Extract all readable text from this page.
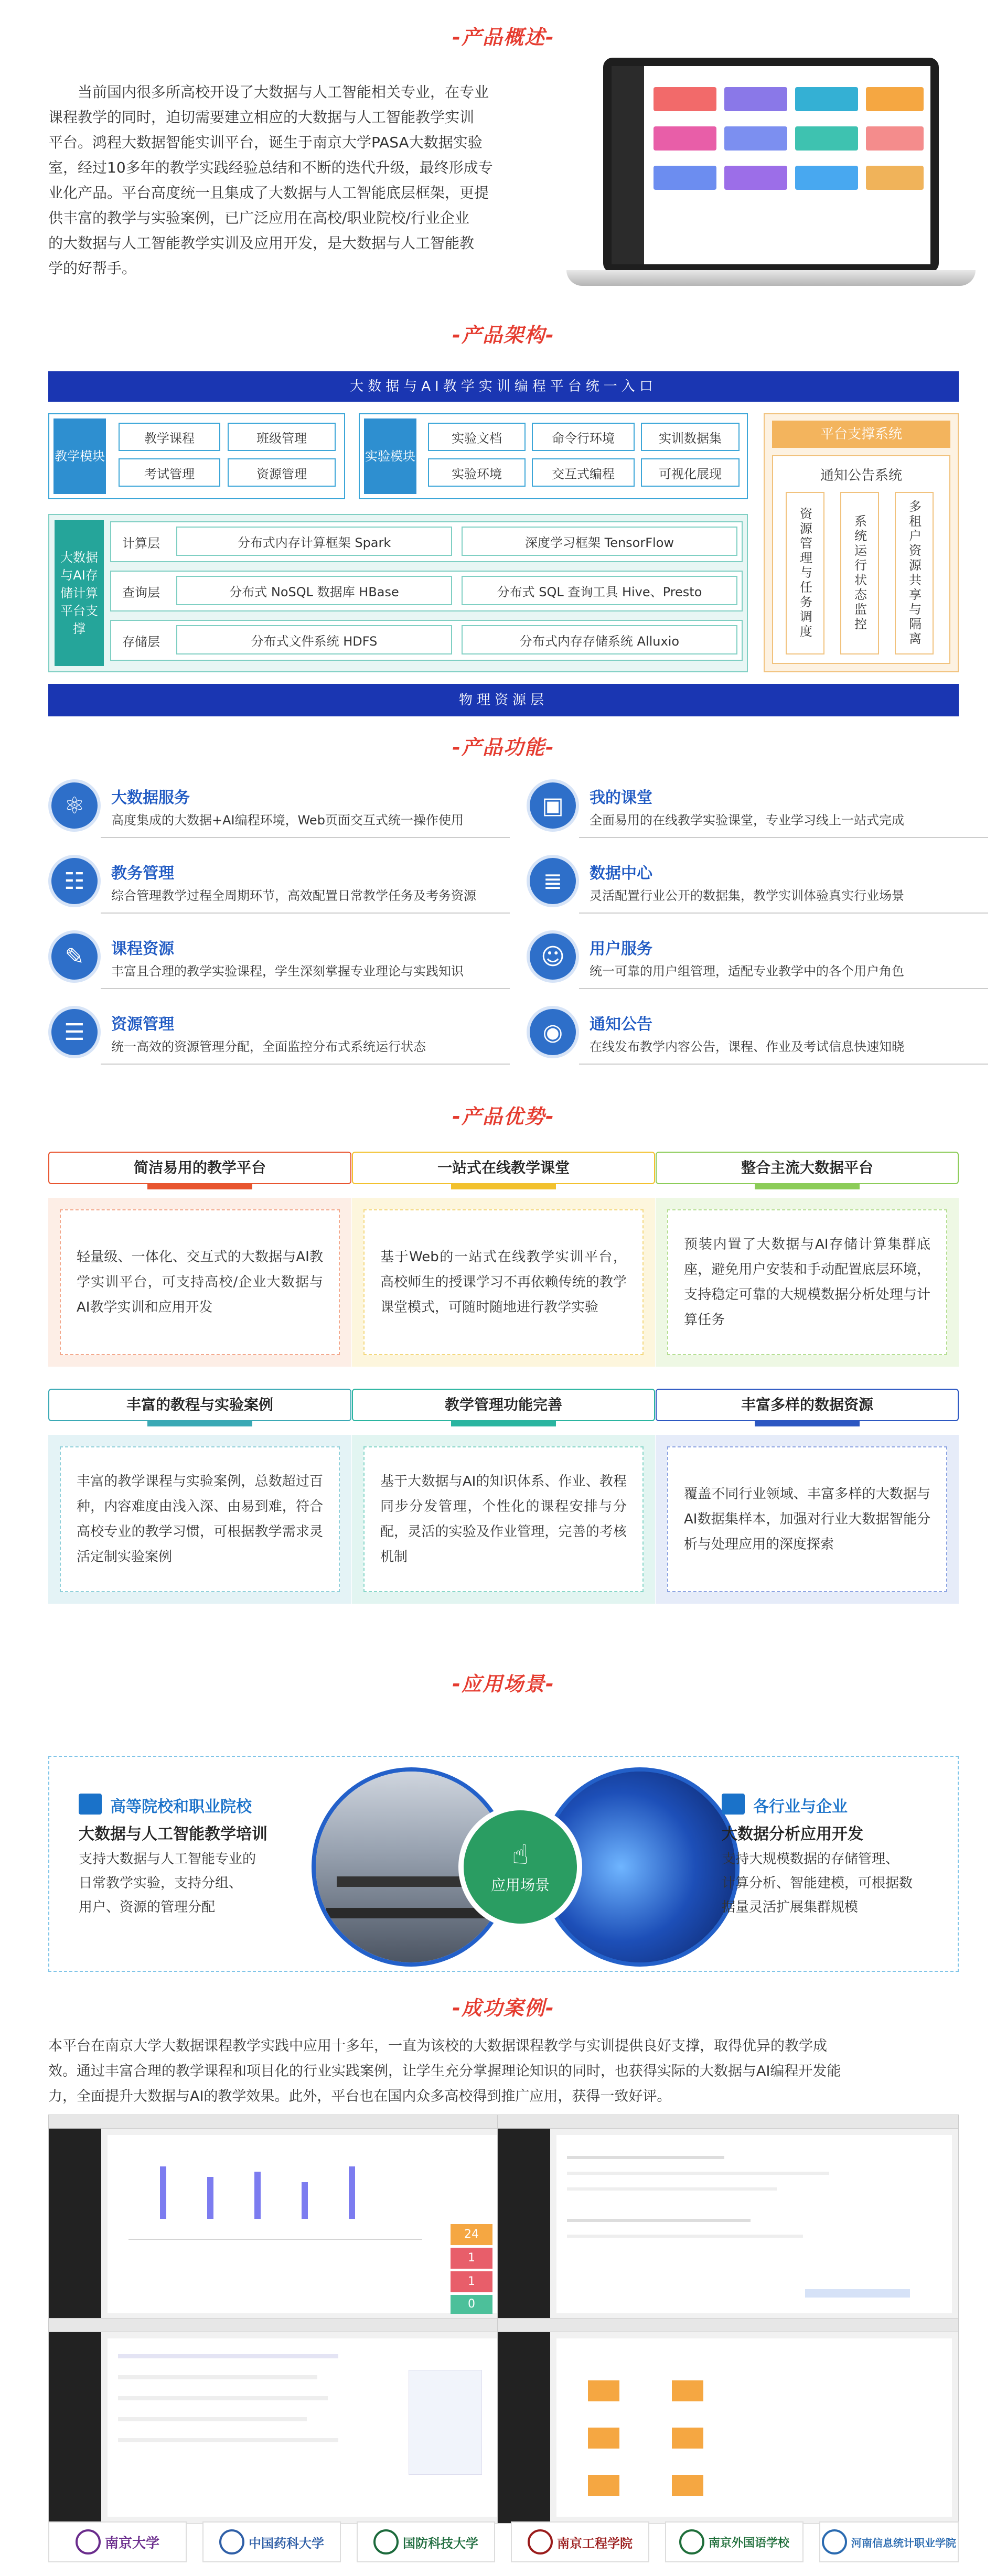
-产品概述-
-产品架构-
-产品功能-
-产品优势-
-应用场景-
-成功案例-
当前国内很多所高校开设了大数据与人工智能相关专业，在专业
课程教学的同时，迫切需要建立相应的大数据与人工智能教学实训
平台。鸿程大数据智能实训平台，诞生于南京大学PASA大数据实验
室，经过10多年的教学实践经验总结和不断的迭代升级，最终形成专
业化产品。平台高度统一且集成了大数据与人工智能底层框架，更提
供丰富的教学与实验案例，已广泛应用在高校/职业院校/行业企业
的大数据与人工智能教学实训及应用开发，是大数据与人工智能教
学的好帮手。
大数据与AI教学实训编程平台统一入口
教学模块
教学课程	班级管理
考试管理	资源管理
实验模块
实验文档	命令行环境	实训数据集
实验环境	交互式编程	可视化展现
大数据与AI存储计算平台支撑
计算层	分布式内存计算框架 Spark	深度学习框架 TensorFlow
查询层	分布式 NoSQL 数据库 HBase	分布式 SQL 查询工具 Hive、Presto
存储层	分布式文件系统 HDFS	分布式内存存储系统 Alluxio
平台支撑系统
通知公告系统
资源管理与任务调度	系统运行状态监控	多租户资源共享与隔离
物理资源层
⚛	大数据服务
高度集成的大数据+AI编程环境，Web页面交互式统一操作使用
▣	我的课堂
全面易用的在线教学实验课堂，专业学习线上一站式完成
☷	教务管理
综合管理教学过程全周期环节，高效配置日常教学任务及考务资源
≣	数据中心
灵活配置行业公开的数据集，教学实训体验真实行业场景
✎	课程资源
丰富且合理的教学实验课程，学生深刻掌握专业理论与实践知识
☺	用户服务
统一可靠的用户组管理，适配专业教学中的各个用户角色
☰	资源管理
统一高效的资源管理分配，全面监控分布式系统运行状态
◉	通知公告
在线发布教学内容公告，课程、作业及考试信息快速知晓
简洁易用的教学平台
轻量级、一体化、交互式的大数据与AI教学实训平台，可支持高校/企业大数据与AI教学实训和应用开发
一站式在线教学课堂
基于Web的一站式在线教学实训平台，高校师生的授课学习不再依赖传统的教学课堂模式，可随时随地进行教学实验
整合主流大数据平台
预装内置了大数据与AI存储计算集群底座，避免用户安装和手动配置底层环境，支持稳定可靠的大规模数据分析处理与计算任务
丰富的教程与实验案例
丰富的教学课程与实验案例，总数超过百种，内容难度由浅入深、由易到难，符合高校专业的教学习惯，可根据教学需求灵活定制实验案例
教学管理功能完善
基于大数据与AI的知识体系、作业、教程同步分发管理，个性化的课程安排与分配，灵活的实验及作业管理，完善的考核机制
丰富多样的数据资源
覆盖不同行业领域、丰富多样的大数据与AI数据集样本，加强对行业大数据智能分析与处理应用的深度探索
高等院校和职业院校
大数据与人工智能教学培训
支持大数据与人工智能专业的
日常教学实验，支持分组、
用户、资源的管理分配
☝
应用场景
各行业与企业
大数据分析应用开发
支持大规模数据的存储管理、
计算分析、智能建模，可根据数
据量灵活扩展集群规模
本平台在南京大学大数据课程教学实践中应用十多年，一直为该校的大数据课程教学与实训提供良好支撑，取得优异的教学成
效。通过丰富合理的教学课程和项目化的行业实践案例，让学生充分掌握理论知识的同时，也获得实际的大数据与AI编程开发能
力，全面提升大数据与AI的教学效果。此外，平台也在国内众多高校得到推广应用，获得一致好评。
24
1
1
0
南京大学	中国药科大学	国防科技大学	南京工程学院	南京外国语学校	河南信息统计职业学院
